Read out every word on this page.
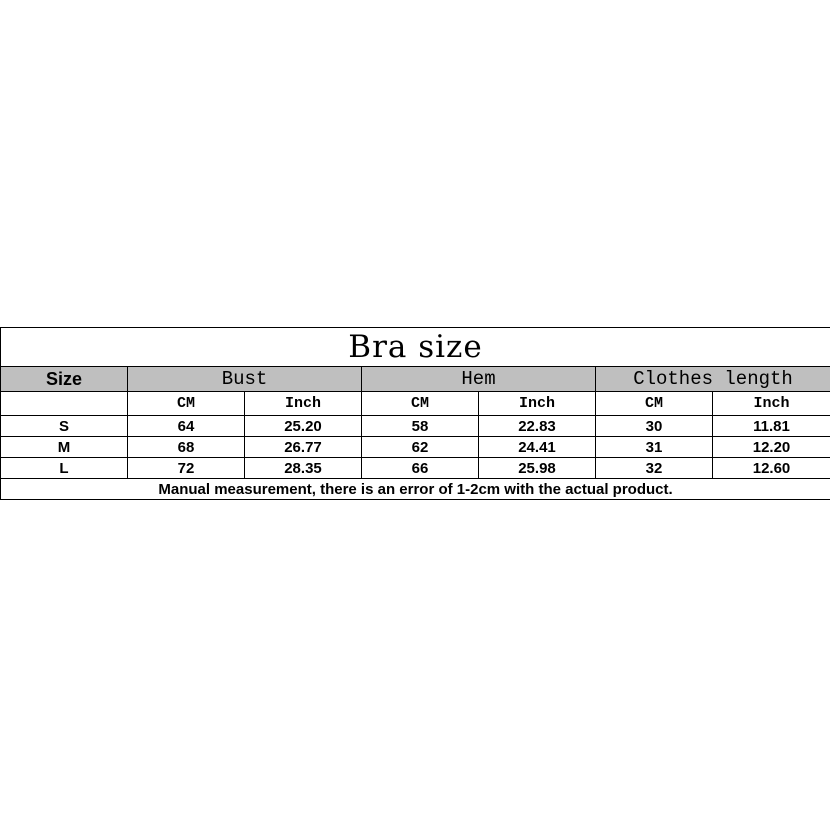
Bra size						
Size	Bust		Hem		Clothes length	
	CM	Inch	CM	Inch	CM	Inch
S	64	25.20	58	22.83	30	11.81
M	68	26.77	62	24.41	31	12.20
L	72	28.35	66	25.98	32	12.60
Manual measurement, there is an error of 1-2cm with the actual product.						
